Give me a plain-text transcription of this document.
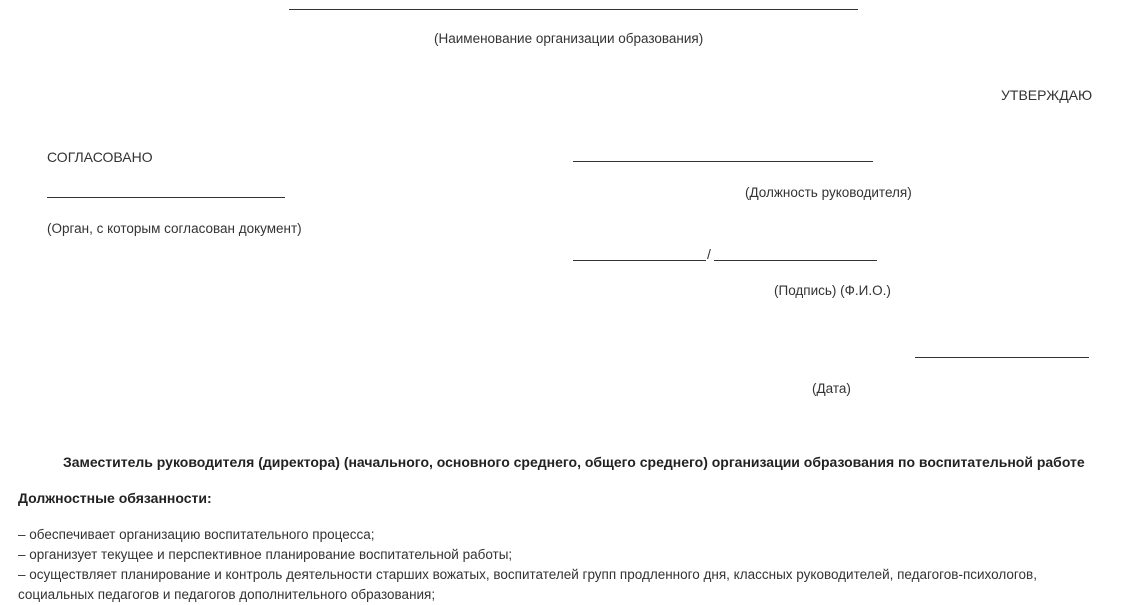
(Наименование организации образования)
УТВЕРЖДАЮ
(Должность руководителя)
/
(Подпись) (Ф.И.О.)
(Дата)
СОГЛАСОВАНО
(Орган, с которым согласован документ)
Заместитель руководителя (директора) (начального, основного среднего, общего среднего) организации образования по воспитательной работе
Должностные обязанности:
– обеспечивает организацию воспитательного процесса;
– организует текущее и перспективное планирование воспитательной работы;
– осуществляет планирование и контроль деятельности старших вожатых, воспитателей групп продленного дня, классных руководителей, педагогов-психологов, социальных педагогов и педагогов дополнительного образования;
